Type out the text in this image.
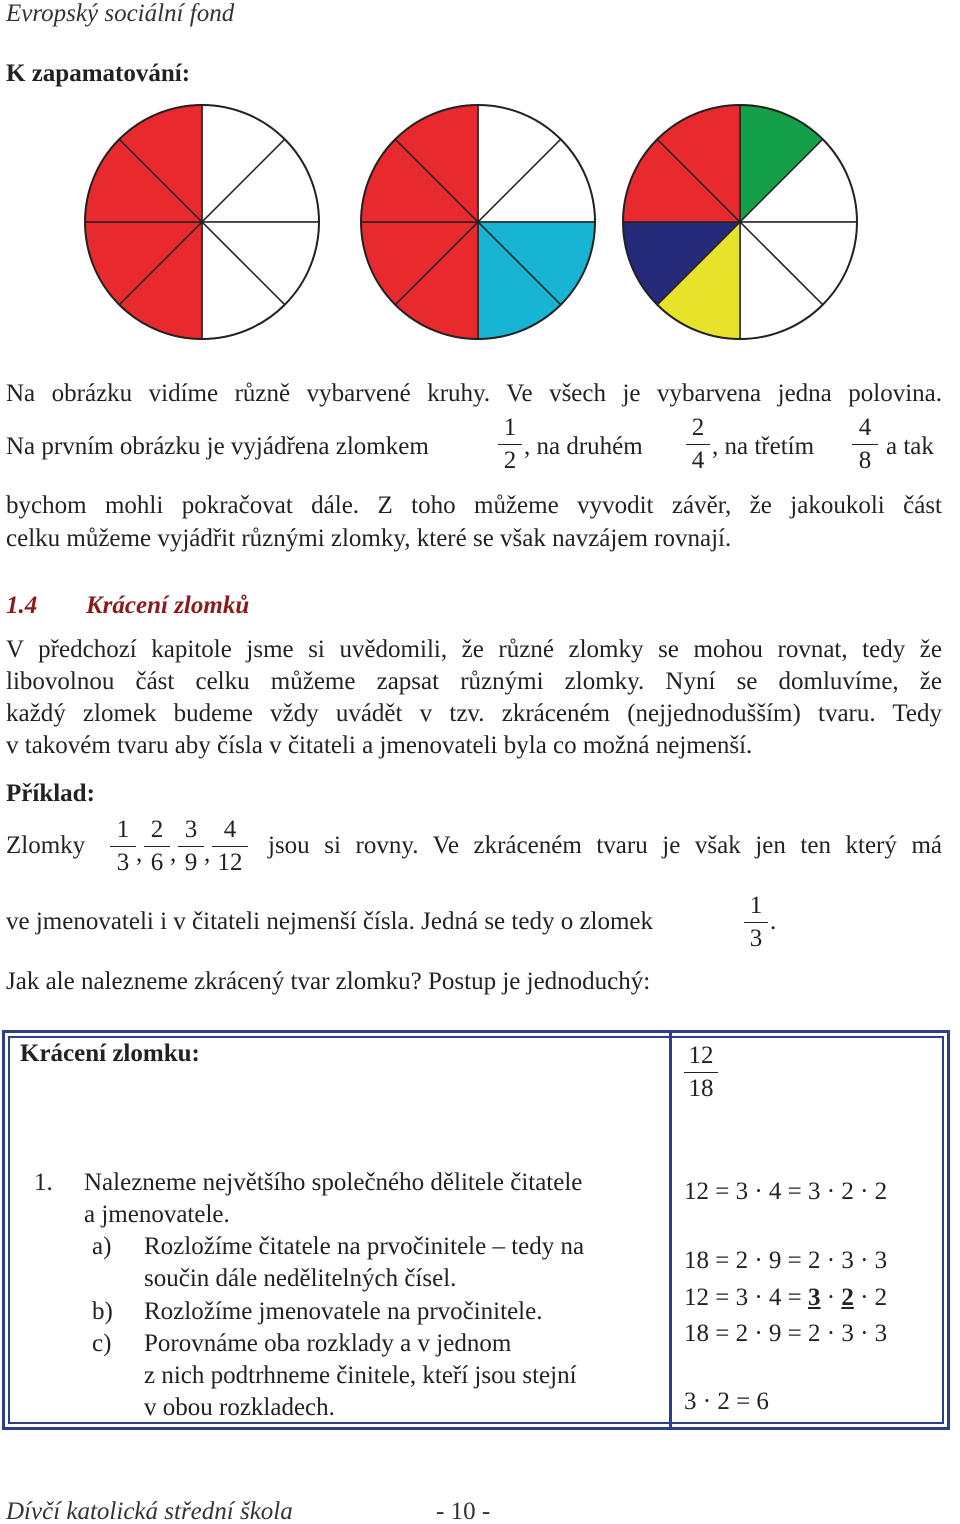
Evropský sociální fond
K zapamatování:
Na obrázku vidíme různě vybarvené kruhy. Ve všech je vybarvena jedna polovina.
Na prvním obrázku je vyjádřena zlomkem
1
2
, na druhém
2
4
, na třetím
4
8
a tak
bychom mohli pokračovat dále. Z toho můžeme vyvodit závěr, že jakoukoli část
celku můžeme vyjádřit různými zlomky, které se však navzájem rovnají.
1.4 Krácení zlomků
V předchozí kapitole jsme si uvědomili, že různé zlomky se mohou rovnat, tedy že
libovolnou část celku můžeme zapsat různými zlomky. Nyní se domluvíme, že
každý zlomek budeme vždy uvádět v tzv. zkráceném (nejjednodušším) tvaru. Tedy
v takovém tvaru aby čísla v čitateli a jmenovateli byla co možná nejmenší.
Příklad:
Zlomky
1
3 ,
2
6 ,
3
9 ,
4
12
jsou si rovny. Ve zkráceném tvaru je však jen ten který má
ve jmenovateli i v čitateli nejmenší čísla. Jedná se tedy o zlomek
1
3
.
Jak ale nalezneme zkrácený tvar zlomku? Postup je jednoduchý:
Krácení zlomku:	12
18
1. Nalezneme největšího společného dělitele čitatele
a jmenovatele.
a) Rozložíme čitatele na prvočinitele – tedy na
součin dále nedělitelných čísel.
b) Rozložíme jmenovatele na prvočinitele.
c) Porovnáme oba rozklady a v jednom
z nich podtrhneme činitele, kteří jsou stejní
v obou rozkladech.
12 = 3 · 4 = 3 · 2 · 2
18 = 2 · 9 = 2 · 3 · 3
12 = 3 · 4 = 3 · 2 · 2
18 = 2 · 9 = 2 · 3 · 3
3 · 2 = 6
Dívčí katolická střední škola	- 10 -
